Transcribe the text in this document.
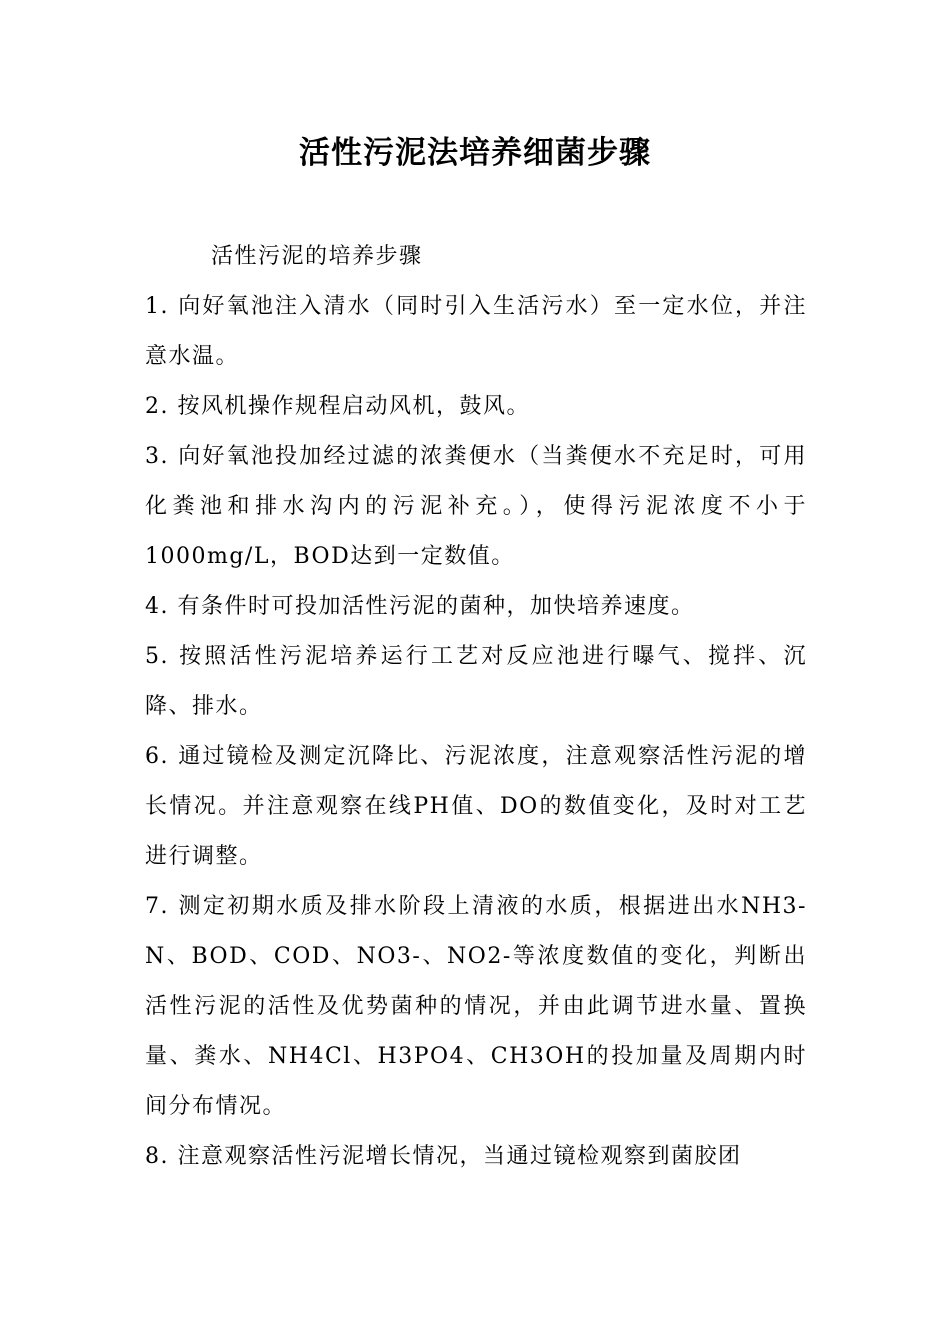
活性污泥法培养细菌步骤

活性污泥的培养步骤

1. 向好氧池注入清水（同时引入生活污水）至一定水位，并注意水温。

2. 按风机操作规程启动风机，鼓风。

3. 向好氧池投加经过滤的浓粪便水（当粪便水不充足时，可用化粪池和排水沟内的污泥补充。），使得污泥浓度不小于1000mg/L，BOD达到一定数值。

4. 有条件时可投加活性污泥的菌种，加快培养速度。

5. 按照活性污泥培养运行工艺对反应池进行曝气、搅拌、沉降、排水。

6. 通过镜检及测定沉降比、污泥浓度，注意观察活性污泥的增长情况。并注意观察在线PH值、DO的数值变化，及时对工艺进行调整。

7. 测定初期水质及排水阶段上清液的水质，根据进出水NH3-N、BOD、COD、NO3-、NO2-等浓度数值的变化，判断出活性污泥的活性及优势菌种的情况，并由此调节进水量、置换量、粪水、NH4Cl、H3PO4、CH3OH的投加量及周期内时间分布情况。

8. 注意观察活性污泥增长情况，当通过镜检观察到菌胶团
